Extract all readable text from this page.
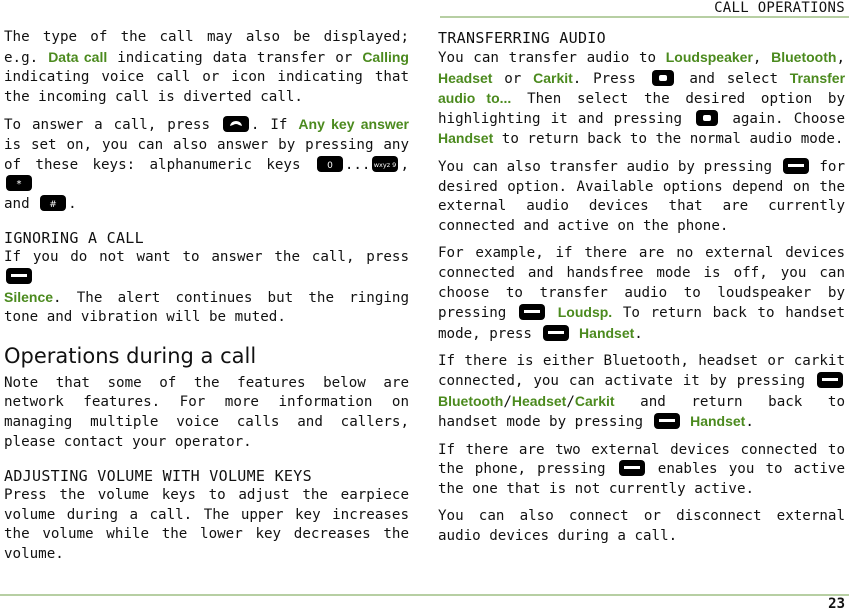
CALL OPERATIONS

The type of the call may also be displayed; e.g. Data call indicating data transfer or Calling indicating voice call or icon indicating that the incoming call is diverted call.

To answer a call, press
. If Any key answer is set on, you can also answer by pressing any of these keys: alphanumeric keys 0 ... wxyz 9 ,
*

and # .

IGNORING A CALL

If you do not want to answer the call, press

Silence. The alert continues but the ringing tone and vibration will be muted.

Operations during a call

Note that some of the features below are network features. For more information on managing multiple voice calls and callers, please contact your operator.

ADJUSTING VOLUME WITH VOLUME KEYS

Press the volume keys to adjust the earpiece volume during a call. The upper key increases the volume while the lower key decreases the volume.

TRANSFERRING AUDIO

You can transfer audio to Loudspeaker, Bluetooth, Headset or Carkit. Press
and select Transfer audio to... Then select the desired option by highlighting it and pressing
again. Choose Handset to return back to the normal audio mode.

You can also transfer audio by pressing
for desired option. Available options depend on the external audio devices that are currently connected and active on the phone.

For example, if there are no external devices connected and handsfree mode is off, you can choose to transfer audio to loudspeaker by pressing	Loudsp. To return back to handset mode, press	Handset.

If there is either Bluetooth, headset or carkit connected, you can activate it by pressing
Bluetooth/Headset/Carkit and return back to handset mode by pressing	Handset.

If there are two external devices connected to the phone, pressing
enables you to active the one that is not currently active.

You can also connect or disconnect external audio devices during a call.

23
